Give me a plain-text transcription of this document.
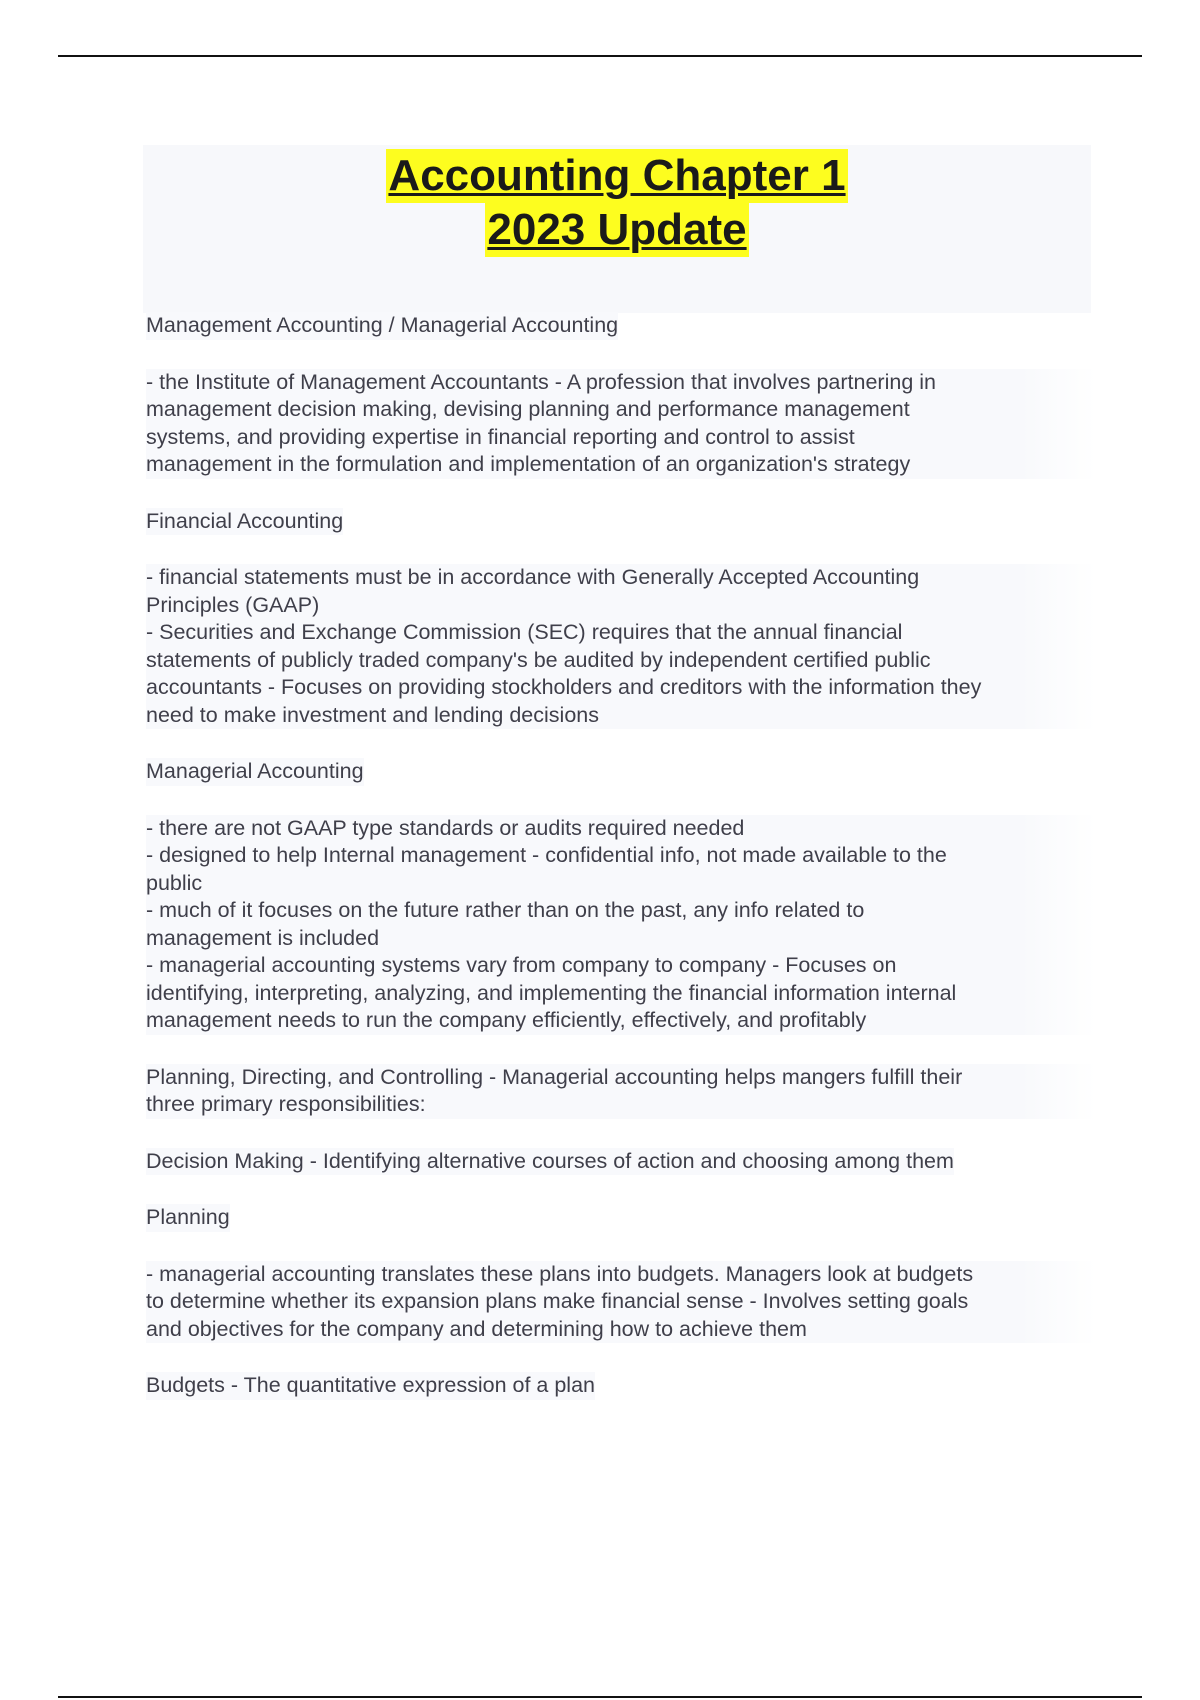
Accounting Chapter 1
2023 Update
Management Accounting / Managerial Accounting
- the Institute of Management Accountants - A profession that involves partnering in
management decision making, devising planning and performance management
systems, and providing expertise in financial reporting and control to assist
management in the formulation and implementation of an organization's strategy
Financial Accounting
- financial statements must be in accordance with Generally Accepted Accounting
Principles (GAAP)
- Securities and Exchange Commission (SEC) requires that the annual financial
statements of publicly traded company's be audited by independent certified public
accountants - Focuses on providing stockholders and creditors with the information they
need to make investment and lending decisions
Managerial Accounting
- there are not GAAP type standards or audits required needed
- designed to help Internal management - confidential info, not made available to the
public
- much of it focuses on the future rather than on the past, any info related to
management is included
- managerial accounting systems vary from company to company - Focuses on
identifying, interpreting, analyzing, and implementing the financial information internal
management needs to run the company efficiently, effectively, and profitably
Planning, Directing, and Controlling - Managerial accounting helps mangers fulfill their
three primary responsibilities:
Decision Making - Identifying alternative courses of action and choosing among them
Planning
- managerial accounting translates these plans into budgets. Managers look at budgets
to determine whether its expansion plans make financial sense - Involves setting goals
and objectives for the company and determining how to achieve them
Budgets - The quantitative expression of a plan
